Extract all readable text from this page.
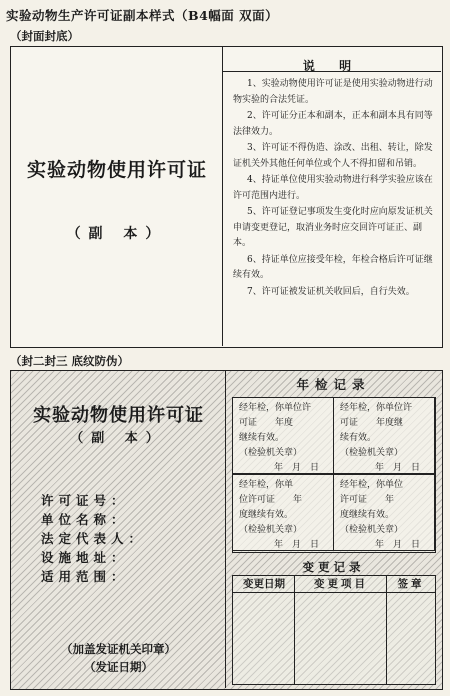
实验动物生产许可证副本样式（B4幅面 双面）
（封面封底）
实验动物使用许可证
（副 本）
说 明
1、实验动物使用许可证是使用实验动物进行动物实验的合法凭证。
2、许可证分正本和副本，正本和副本具有同等法律效力。
3、许可证不得伪造、涂改、出租、转让，除发证机关外其他任何单位或个人不得扣留和吊销。
4、持证单位使用实验动物进行科学实验应该在许可范围内进行。
5、许可证登记事项发生变化时应向原发证机关申请变更登记，取消业务时应交回许可证正、副本。
6、持证单位应接受年检，年检合格后许可证继续有效。
7、许可证被发证机关收回后，自行失效。
（封二封三 底纹防伪）
实验动物使用许可证
（副 本）
许可证号：
单位名称：
法定代表人：
设施地址：
适用范围：
（加盖发证机关印章）
（发证日期）
年检记录
经年检，你单位许
可证　　年度
继续有效。
（检验机关章）
年　月　日
经年检，你单位许
可证　　年度继
续有效。
（检验机关章）
年　月　日
经年检，你单
位许可证　　年
度继续有效。
（检验机关章）
年　月　日
经年检，你单位
许可证　　年
度继续有效。
（检验机关章）
年　月　日
变更记录
变更日期	变更项目	签章
